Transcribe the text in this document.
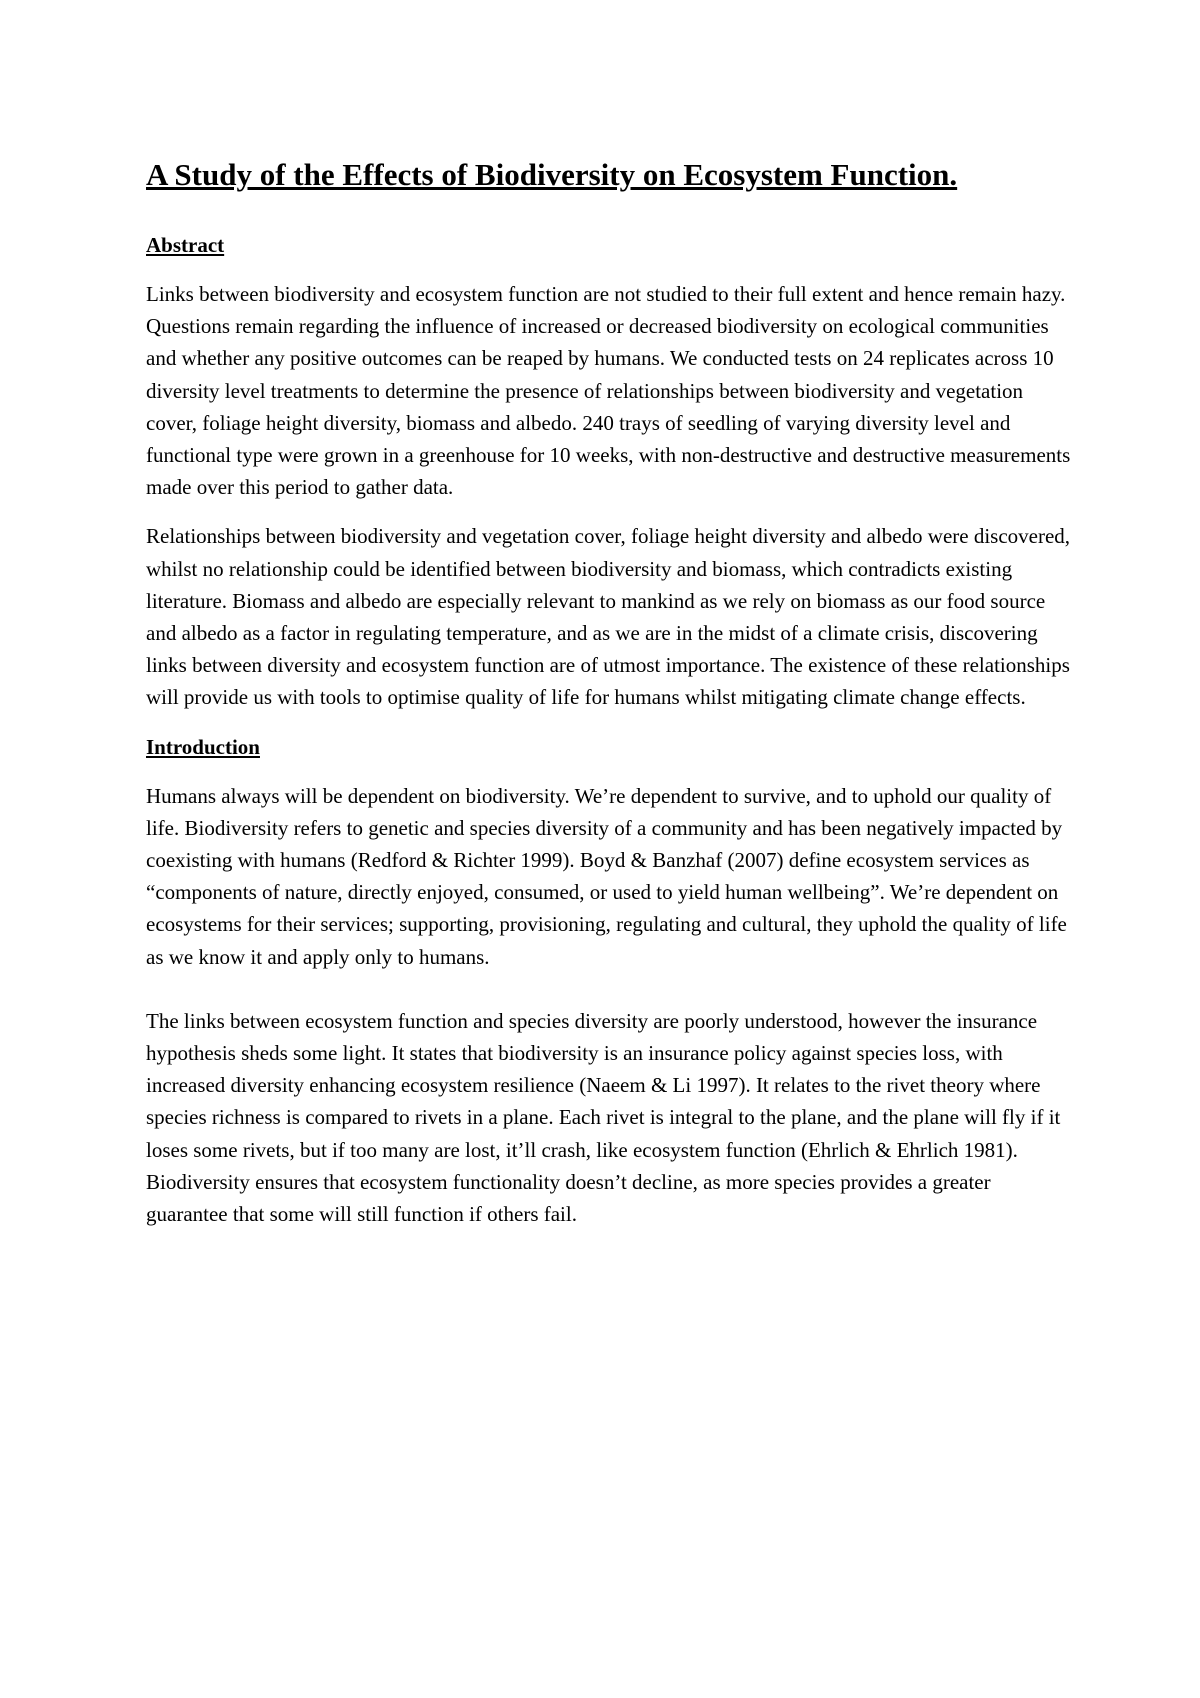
A Study of the Effects of Biodiversity on Ecosystem Function.
Abstract

Links between biodiversity and ecosystem function are not studied to their full extent and hence remain hazy. Questions remain regarding the influence of increased or decreased biodiversity on ecological communities and whether any positive outcomes can be reaped by humans. We conducted tests on 24 replicates across 10 diversity level treatments to determine the presence of relationships between biodiversity and vegetation cover, foliage height diversity, biomass and albedo. 240 trays of seedling of varying diversity level and functional type were grown in a greenhouse for 10 weeks, with non-destructive and destructive measurements made over this period to gather data.

Relationships between biodiversity and vegetation cover, foliage height diversity and albedo were discovered, whilst no relationship could be identified between biodiversity and biomass, which contradicts existing literature. Biomass and albedo are especially relevant to mankind as we rely on biomass as our food source and albedo as a factor in regulating temperature, and as we are in the midst of a climate crisis, discovering links between diversity and ecosystem function are of utmost importance. The existence of these relationships will provide us with tools to optimise quality of life for humans whilst mitigating climate change effects.

Introduction

Humans always will be dependent on biodiversity. We’re dependent to survive, and to uphold our quality of life. Biodiversity refers to genetic and species diversity of a community and has been negatively impacted by coexisting with humans (Redford & Richter 1999). Boyd & Banzhaf (2007) define ecosystem services as “components of nature, directly enjoyed, consumed, or used to yield human wellbeing”. We’re dependent on ecosystems for their services; supporting, provisioning, regulating and cultural, they uphold the quality of life as we know it and apply only to humans.

The links between ecosystem function and species diversity are poorly understood, however the insurance hypothesis sheds some light. It states that biodiversity is an insurance policy against species loss, with increased diversity enhancing ecosystem resilience (Naeem & Li 1997). It relates to the rivet theory where species richness is compared to rivets in a plane. Each rivet is integral to the plane, and the plane will fly if it loses some rivets, but if too many are lost, it’ll crash, like ecosystem function (Ehrlich & Ehrlich 1981). Biodiversity ensures that ecosystem functionality doesn’t decline, as more species provides a greater guarantee that some will still function if others fail.
